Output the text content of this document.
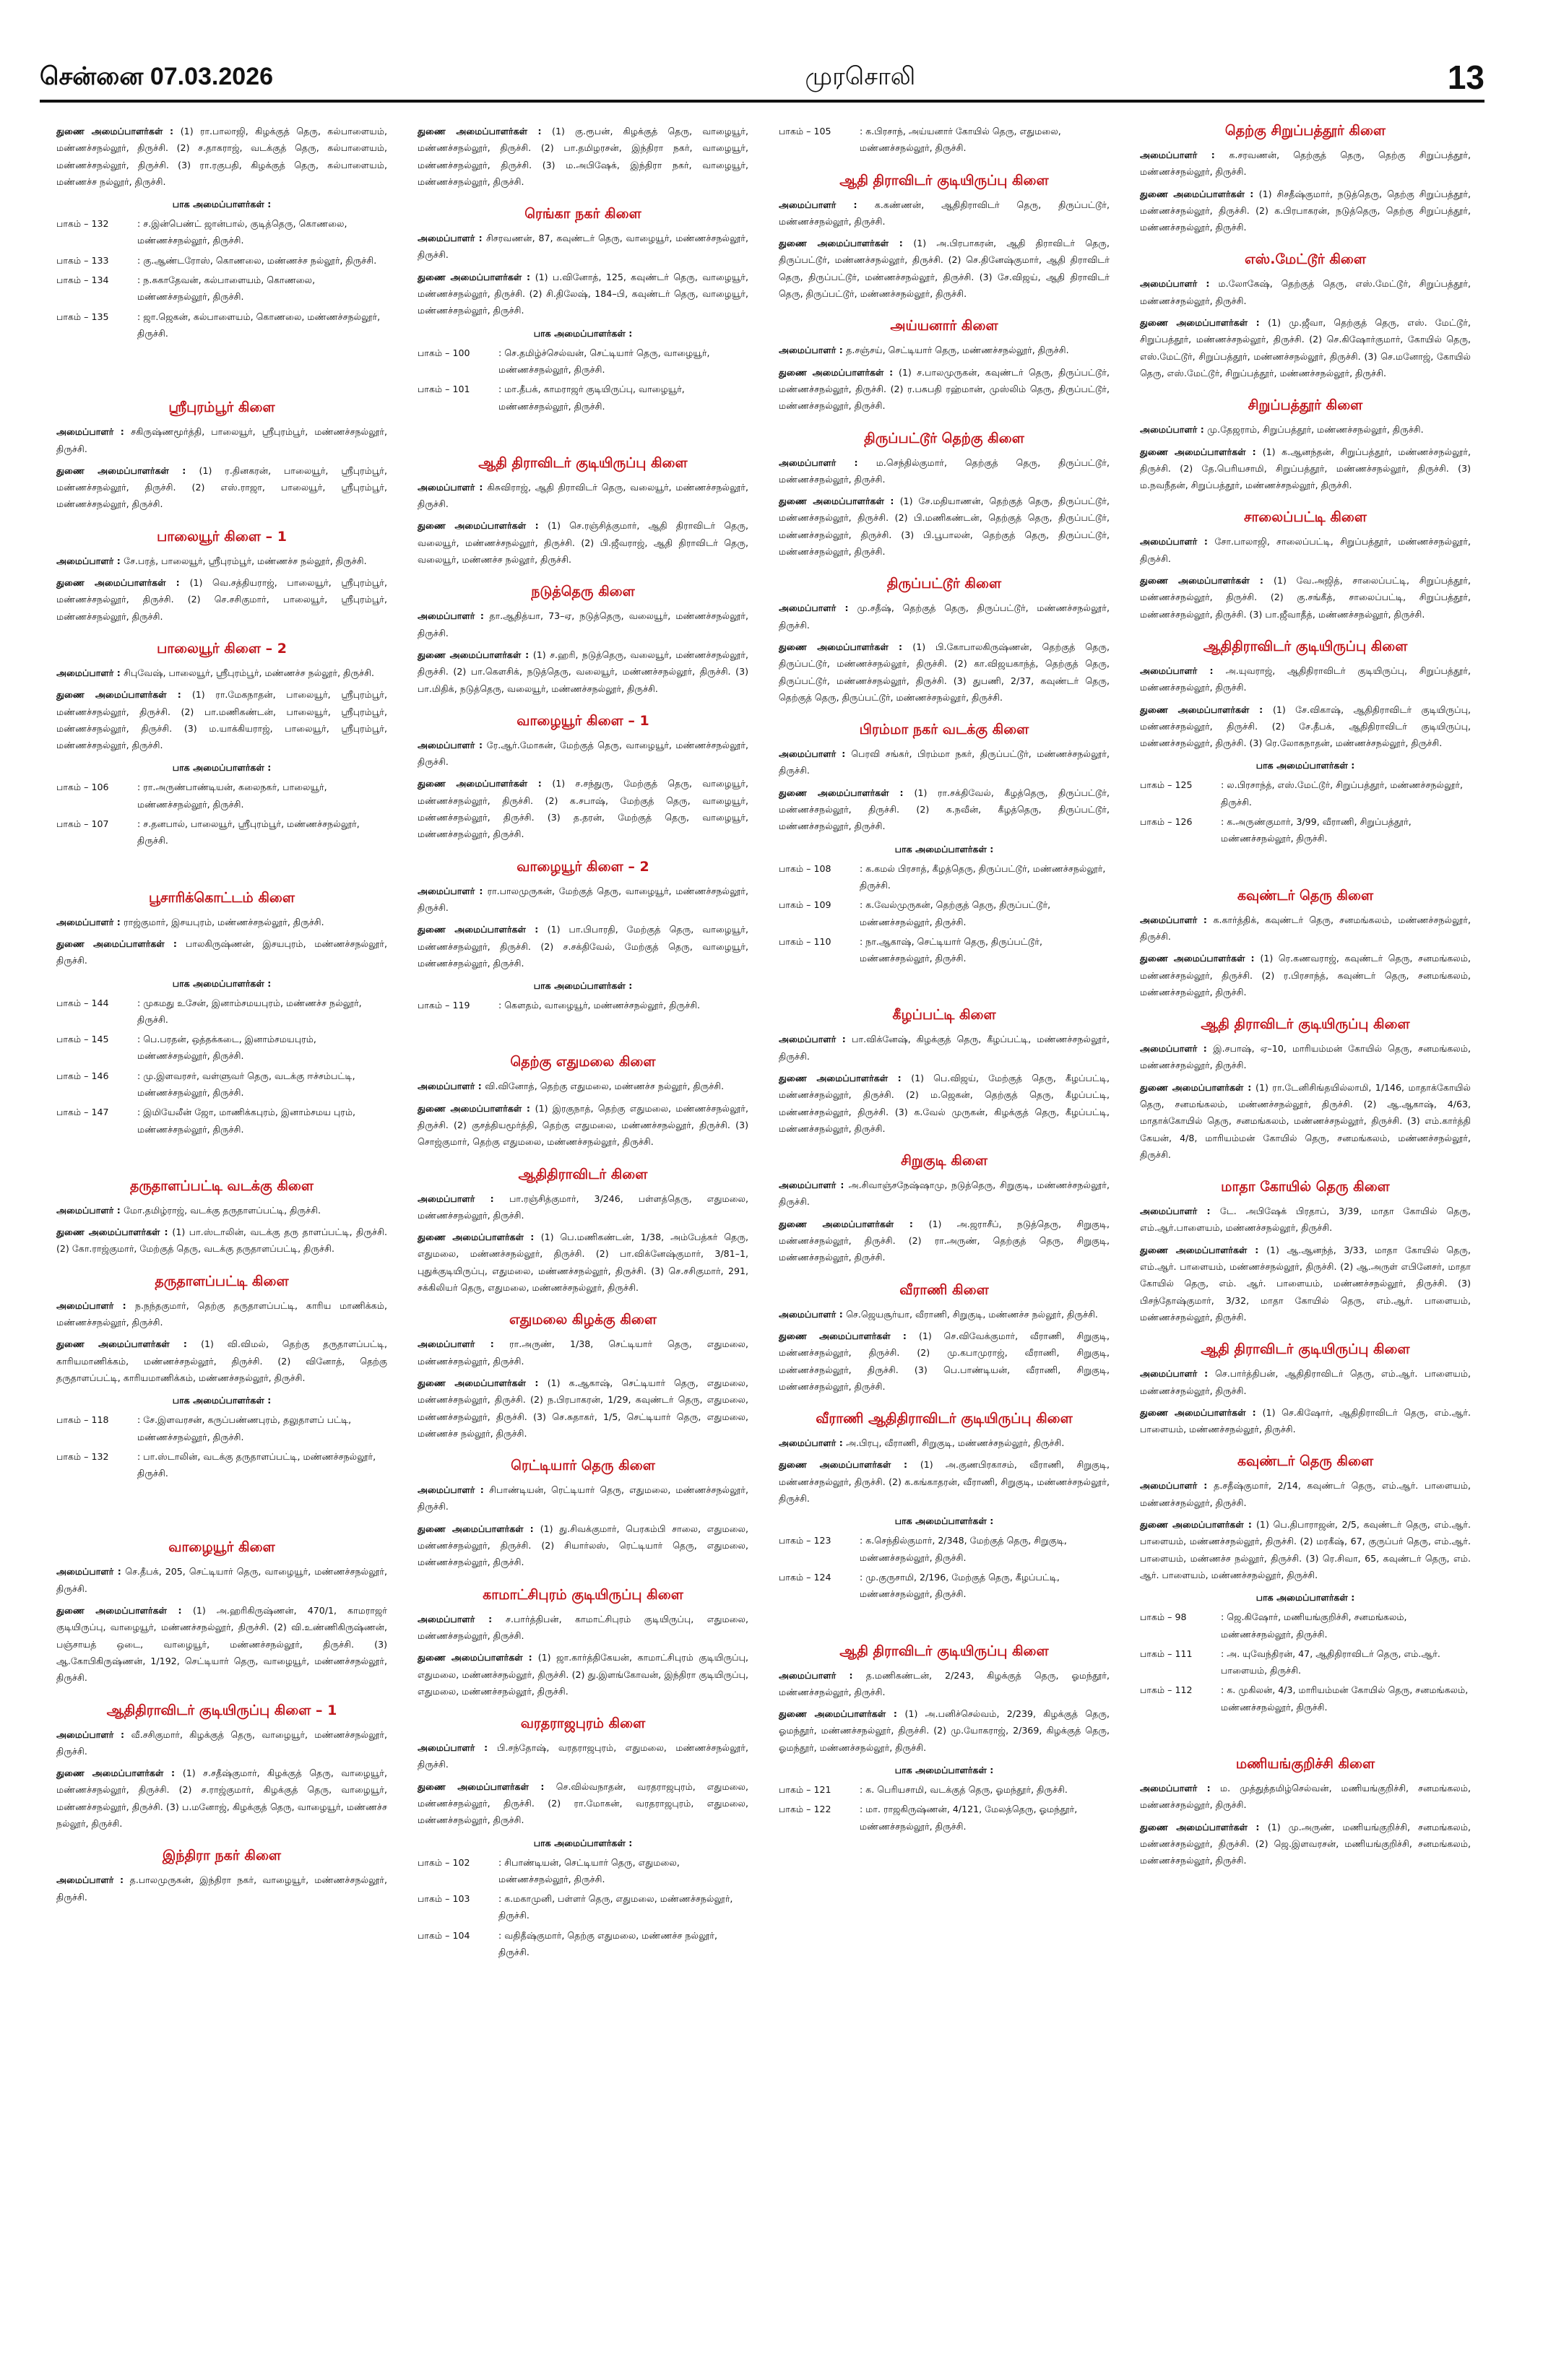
சென்னை 07.03.2026	முரசொலி	13

துணை அமைப்பாளர்கள் : (1) ரா.பாலாஜி, கிழக்குத் தெரு, கல்பாளையம், மண்ணச்சநல்லூர், திருச்சி. (2) ச.தாகராஜ், வடக்குத் தெரு, கல்பாளையம், மண்ணச்சநல்லூர், திருச்சி. (3) ரா.ரகுபதி, கிழக்குத் தெரு, கல்பாளையம், மண்ணச்ச நல்லூர், திருச்சி.

பாக அமைப்பாளர்கள் :
பாகம் – 132	: ச.இன்பெண்ட் ஜான்பால், குடித்தெரு, கொணலை, மண்ணச்சநல்லூர், திருச்சி.
பாகம் – 133	: கு.ஆண்டரோஸ், கொணலை, மண்ணச்ச நல்லூர், திருச்சி.
பாகம் – 134	: ந.சுகாதேவன், கல்பாளையம், கொணலை, மண்ணச்சநல்லூர், திருச்சி.
பாகம் – 135	: ஜா.ஜெகன், கல்பாளையம், கொணலை, மண்ணச்சநல்லூர், திருச்சி.
ஸ்ரீபுரம்பூர் கிளை

அமைப்பாளர் : சகிருஷ்ணமூர்த்தி, பாலையூர், ஸ்ரீபுரம்பூர், மண்ணச்சநல்லூர், திருச்சி.

துணை அமைப்பாளர்கள் : (1) ர.தினகரன், பாலையூர், ஸ்ரீபுரம்பூர், மண்ணச்சநல்லூர், திருச்சி. (2) எஸ்.ராஜா, பாலையூர், ஸ்ரீபுரம்பூர், மண்ணச்சநல்லூர், திருச்சி.

பாலையூர் கிளை – 1

அமைப்பாளர் : சே.பரத், பாலையூர், ஸ்ரீபுரம்பூர், மண்ணச்ச நல்லூர், திருச்சி.

துணை அமைப்பாளர்கள் : (1) வெ.சத்தியராஜ், பாலையூர், ஸ்ரீபுரம்பூர், மண்ணச்சநல்லூர், திருச்சி. (2) செ.சசிகுமார், பாலையூர், ஸ்ரீபுரம்பூர், மண்ணச்சநல்லூர், திருச்சி.

பாலையூர் கிளை – 2

அமைப்பாளர் : சிபுவேஷ், பாலையூர், ஸ்ரீபுரம்பூர், மண்ணச்ச நல்லூர், திருச்சி.

துணை அமைப்பாளர்கள் : (1) ரா.மேகநாதன், பாலையூர், ஸ்ரீபுரம்பூர், மண்ணச்சநல்லூர், திருச்சி. (2) பா.மணிகண்டன், பாலையூர், ஸ்ரீபுரம்பூர், மண்ணச்சநல்லூர், திருச்சி. (3) ம.யாக்கியராஜ், பாலையூர், ஸ்ரீபுரம்பூர், மண்ணச்சநல்லூர், திருச்சி.

பாக அமைப்பாளர்கள் :
பாகம் – 106	: ரா.அருண்பாண்டியன், கலைநகர், பாலையூர், மண்ணச்சநல்லூர், திருச்சி.
பாகம் – 107	: ச.தனபால், பாலையூர், ஸ்ரீபுரம்பூர், மண்ணச்சநல்லூர், திருச்சி.
பூசாரிக்கொட்டம் கிளை

அமைப்பாளர் : ராஜ்குமார், இசயபுரம், மண்ணச்சநல்லூர், திருச்சி.

துணை அமைப்பாளர்கள் : பாலகிருஷ்ணன், இசயபுரம், மண்ணச்சநல்லூர், திருச்சி.

பாக அமைப்பாளர்கள் :
பாகம் – 144	: முகமது உசேன், இனாம்சமயபுரம், மண்ணச்ச நல்லூர், திருச்சி.
பாகம் – 145	: பெ.பரதன், ஒத்தக்கடை, இனாம்சமயபுரம், மண்ணச்சநல்லூர், திருச்சி.
பாகம் – 146	: மு.இளவரசர், வள்ளுவர் தெரு, வடக்கு ஈச்சம்பட்டி, மண்ணச்சநல்லூர், திருச்சி.
பாகம் – 147	: இமியேலீன் ஜோ, மாணிக்கபுரம், இனாம்சமய புரம், மண்ணச்சநல்லூர், திருச்சி.
தருதாளப்பட்டி வடக்கு கிளை

அமைப்பாளர் : மோ.தமிழ்ராஜ், வடக்கு தருதாளப்பட்டி, திருச்சி.

துணை அமைப்பாளர்கள் : (1) பா.ஸ்டாலின், வடக்கு தரு தாளப்பட்டி, திருச்சி. (2) கோ.ராஜ்குமார், மேற்குத் தெரு, வடக்கு தருதாளப்பட்டி, திருச்சி.

தருதாளப்பட்டி கிளை

அமைப்பாளர் : ந.நந்தகுமார், தெற்கு தருதாளப்பட்டி, காரிய மாணிக்கம், மண்ணச்சநல்லூர், திருச்சி.

துணை அமைப்பாளர்கள் : (1) வி.விமல், தெற்கு தருதாளப்பட்டி, காரியமாணிக்கம், மண்ணச்சநல்லூர், திருச்சி. (2) வினோத், தெற்கு தருதாளப்பட்டி, காரியமாணிக்கம், மண்ணச்சநல்லூர், திருச்சி.

பாக அமைப்பாளர்கள் :
பாகம் – 118	: சே.இளவரசன், கருப்பண்ணபுரம், தலுதாளப் பட்டி, மண்ணச்சநல்லூர், திருச்சி.
பாகம் – 132	: பா.ஸ்டாலின், வடக்கு தருதாளப்பட்டி, மண்ணச்சநல்லூர், திருச்சி.
வாழையூர் கிளை

அமைப்பாளர் : செ.தீபக், 205, செட்டியார் தெரு, வாழையூர், மண்ணச்சநல்லூர், திருச்சி.

துணை அமைப்பாளர்கள் : (1) அ.ஹரிகிருஷ்ணன், 470/1, காமராஜர் குடியிருப்பு, வாழையூர், மண்ணச்சநல்லூர், திருச்சி. (2) வி.உண்ணிகிருஷ்ணன், பஞ்சாயத் ஒடை, வாழையூர், மண்ணச்சநல்லூர், திருச்சி. (3) ஆ.கோபிகிருஷ்ணன், 1/192, செட்டியார் தெரு, வாழையூர், மண்ணச்சநல்லூர், திருச்சி.

ஆதிதிராவிடர் குடியிருப்பு கிளை – 1

அமைப்பாளர் : வீ.சசிகுமார், கிழக்குத் தெரு, வாழையூர், மண்ணச்சநல்லூர், திருச்சி.

துணை அமைப்பாளர்கள் : (1) ச.சதீஷ்குமார், கிழக்குத் தெரு, வாழையூர், மண்ணச்சநல்லூர், திருச்சி. (2) ச.ராஜ்குமார், கிழக்குத் தெரு, வாழையூர், மண்ணச்சநல்லூர், திருச்சி. (3) ப.மனோஜ், கிழக்குத் தெரு, வாழையூர், மண்ணச்ச நல்லூர், திருச்சி.

இந்திரா நகர் கிளை

அமைப்பாளர் : த.பாலமுருகன், இந்திரா நகர், வாழையூர், மண்ணச்சநல்லூர், திருச்சி.

துணை அமைப்பாளர்கள் : (1) கு.ரூபன், கிழக்குத் தெரு, வாழையூர், மண்ணச்சநல்லூர், திருச்சி. (2) பா.தமிழரசன், இந்திரா நகர், வாழையூர், மண்ணச்சநல்லூர், திருச்சி. (3) ம.அபிஷேக், இந்திரா நகர், வாழையூர், மண்ணச்சநல்லூர், திருச்சி.

ரெங்கா நகர் கிளை

அமைப்பாளர் : சிசரவணன், 87, கவுண்டர் தெரு, வாழையூர், மண்ணச்சநல்லூர், திருச்சி.

துணை அமைப்பாளர்கள் : (1) ப.வினோத், 125, கவுண்டர் தெரு, வாழையூர், மண்ணச்சநல்லூர், திருச்சி. (2) சி.திலேஷ், 184–பி, கவுண்டர் தெரு, வாழையூர், மண்ணச்சநல்லூர், திருச்சி.

பாக அமைப்பாளர்கள் :
பாகம் – 100	: செ.தமிழ்ச்செல்வன், செட்டியார் தெரு, வாழையூர், மண்ணச்சநல்லூர், திருச்சி.
பாகம் – 101	: மா.தீபக், காமராஜர் குடியிருப்பு, வாழையூர், மண்ணச்சநல்லூர், திருச்சி.
ஆதி திராவிடர் குடியிருப்பு கிளை

அமைப்பாளர் : கிசுவிராஜ், ஆதி திராவிடர் தெரு, வலையூர், மண்ணச்சநல்லூர், திருச்சி.

துணை அமைப்பாளர்கள் : (1) செ.ரஞ்சித்குமார், ஆதி திராவிடர் தெரு, வலையூர், மண்ணச்சநல்லூர், திருச்சி. (2) பி.ஜீவராஜ், ஆதி திராவிடர் தெரு, வலையூர், மண்ணச்ச நல்லூர், திருச்சி.

நடுத்தெரு கிளை

அமைப்பாளர் : தா.ஆதித்யா, 73–ஏ, நடுத்தெரு, வலையூர், மண்ணச்சநல்லூர், திருச்சி.

துணை அமைப்பாளர்கள் : (1) ச.ஹரி, நடுத்தெரு, வலையூர், மண்ணச்சநல்லூர், திருச்சி. (2) பா.கௌசிக், நடுத்தெரு, வலையூர், மண்ணச்சநல்லூர், திருச்சி. (3) பா.மிதிக், நடுத்தெரு, வலையூர், மண்ணச்சநல்லூர், திருச்சி.

வாழையூர் கிளை – 1

அமைப்பாளர் : ரே.ஆர்.மோகன், மேற்குத் தெரு, வாழையூர், மண்ணச்சநல்லூர், திருச்சி.

துணை அமைப்பாளர்கள் : (1) ச.சந்துரு, மேற்குத் தெரு, வாழையூர், மண்ணச்சநல்லூர், திருச்சி. (2) க.சபாஷ், மேற்குத் தெரு, வாழையூர், மண்ணச்சநல்லூர், திருச்சி. (3) த.தரன், மேற்குத் தெரு, வாழையூர், மண்ணச்சநல்லூர், திருச்சி.

வாழையூர் கிளை – 2

அமைப்பாளர் : ரா.பாலமுருகன், மேற்குத் தெரு, வாழையூர், மண்ணச்சநல்லூர், திருச்சி.

துணை அமைப்பாளர்கள் : (1) பா.பிபாரதி, மேற்குத் தெரு, வாழையூர், மண்ணச்சநல்லூர், திருச்சி. (2) ச.சக்திவேல், மேற்குத் தெரு, வாழையூர், மண்ணச்சநல்லூர், திருச்சி.

பாக அமைப்பாளர்கள் :
பாகம் – 119	: கௌதம், வாழையூர், மண்ணச்சநல்லூர், திருச்சி.
தெற்கு எதுமலை கிளை

அமைப்பாளர் : வி.வினோத், தெற்கு எதுமலை, மண்ணச்ச நல்லூர், திருச்சி.

துணை அமைப்பாளர்கள் : (1) இரகுநாத், தெற்கு எதுமலை, மண்ணச்சநல்லூர், திருச்சி. (2) குசத்தியமூர்த்தி, தெற்கு எதுமலை, மண்ணச்சநல்லூர், திருச்சி. (3) சொஜ்குமார், தெற்கு எதுமலை, மண்ணச்சநல்லூர், திருச்சி.

ஆதிதிராவிடர் கிளை

அமைப்பாளர் : பா.ரஞ்சித்குமார், 3/246, பள்ளத்தெரு, எதுமலை, மண்ணச்சநல்லூர், திருச்சி.

துணை அமைப்பாளர்கள் : (1) பெ.மணிகண்டன், 1/38, அம்பேத்கர் தெரு, எதுமலை, மண்ணச்சநல்லூர், திருச்சி. (2) பா.விக்னேஷ்குமார், 3/81–1, புதுக்குடியிருப்பு, எதுமலை, மண்ணச்சநல்லூர், திருச்சி. (3) செ.சசிகுமார், 291, சக்கிலியர் தெரு, எதுமலை, மண்ணச்சநல்லூர், திருச்சி.

எதுமலை கிழக்கு கிளை

அமைப்பாளர் : ரா.அருண், 1/38, செட்டியார் தெரு, எதுமலை, மண்ணச்சநல்லூர், திருச்சி.

துணை அமைப்பாளர்கள் : (1) க.ஆகாஷ், செட்டியார் தெரு, எதுமலை, மண்ணச்சநல்லூர், திருச்சி. (2) ந.பிரபாகரன், 1/29, கவுண்டர் தெரு, எதுமலை, மண்ணச்சநல்லூர், திருச்சி. (3) செ.சுதாகர், 1/5, செட்டியார் தெரு, எதுமலை, மண்ணச்ச நல்லூர், திருச்சி.

ரெட்டியார் தெரு கிளை

அமைப்பாளர் : சிபாண்டியன், ரெட்டியார் தெரு, எதுமலை, மண்ணச்சநல்லூர், திருச்சி.

துணை அமைப்பாளர்கள் : (1) து.சிவக்குமார், பெரகம்பி சாலை, எதுமலை, மண்ணச்சநல்லூர், திருச்சி. (2) சியார்லஸ், ரெட்டியார் தெரு, எதுமலை, மண்ணச்சநல்லூர், திருச்சி.

காமாட்சிபுரம் குடியிருப்பு கிளை

அமைப்பாளர் : ச.பார்த்திபன், காமாட்சிபுரம் குடியிருப்பு, எதுமலை, மண்ணச்சநல்லூர், திருச்சி.

துணை அமைப்பாளர்கள் : (1) ஜா.கார்த்திகேயன், காமாட்சிபுரம் குடியிருப்பு, எதுமலை, மண்ணச்சநல்லூர், திருச்சி. (2) து.இளங்கோவன், இந்திரா குடியிருப்பு, எதுமலை, மண்ணச்சநல்லூர், திருச்சி.

வரதராஜபுரம் கிளை

அமைப்பாளர் : பி.சந்தோஷ், வரதராஜபுரம், எதுமலை, மண்ணச்சநல்லூர், திருச்சி.

துணை அமைப்பாளர்கள் : செ.வில்வநாதன், வரதராஜபுரம், எதுமலை, மண்ணச்சநல்லூர், திருச்சி. (2) ரா.மோகன், வரதராஜபுரம், எதுமலை, மண்ணச்சநல்லூர், திருச்சி.

பாக அமைப்பாளர்கள் :
பாகம் – 102	: சிபாண்டியன், செட்டியார் தெரு, எதுமலை, மண்ணச்சநல்லூர், திருச்சி.
பாகம் – 103	: க.மகாமுனி, பள்ளர் தெரு, எதுமலை, மண்ணச்சநல்லூர், திருச்சி.
பாகம் – 104	: வதிதீஷ்குமார், தெற்கு எதுமலை, மண்ணச்ச நல்லூர், திருச்சி.
பாகம் – 105	: க.பிரசாந், அய்யனார் கோயில் தெரு, எதுமலை, மண்ணச்சநல்லூர், திருச்சி.
ஆதி திராவிடர் குடியிருப்பு கிளை

அமைப்பாளர் : க.கண்ணன், ஆதிதிராவிடர் தெரு, திருப்பட்டூர், மண்ணச்சநல்லூர், திருச்சி.

துணை அமைப்பாளர்கள் : (1) அ.பிரபாகரன், ஆதி திராவிடர் தெரு, திருப்பட்டூர், மண்ணச்சநல்லூர், திருச்சி. (2) செ.தினேஷ்குமார், ஆதி திராவிடர் தெரு, திருப்பட்டூர், மண்ணச்சநல்லூர், திருச்சி. (3) சே.விஜய், ஆதி திராவிடர் தெரு, திருப்பட்டூர், மண்ணச்சநல்லூர், திருச்சி.

அய்யனார் கிளை

அமைப்பாளர் : த.சஞ்சய், செட்டியார் தெரு, மண்ணச்சநல்லூர், திருச்சி.

துணை அமைப்பாளர்கள் : (1) ச.பாலமுருகன், கவுண்டர் தெரு, திருப்பட்டூர், மண்ணச்சநல்லூர், திருச்சி. (2) ர.பசுபதி ரஹ்மான், முஸ்லிம் தெரு, திருப்பட்டூர், மண்ணச்சநல்லூர், திருச்சி.

திருப்பட்டூர் தெற்கு கிளை

அமைப்பாளர் : ம.செந்தில்குமார், தெற்குத் தெரு, திருப்பட்டூர், மண்ணச்சநல்லூர், திருச்சி.

துணை அமைப்பாளர்கள் : (1) சே.மதியாணன், தெற்குத் தெரு, திருப்பட்டூர், மண்ணச்சநல்லூர், திருச்சி. (2) பி.மணிகண்டன், தெற்குத் தெரு, திருப்பட்டூர், மண்ணச்சநல்லூர், திருச்சி. (3) பி.பூபாலன், தெற்குத் தெரு, திருப்பட்டூர், மண்ணச்சநல்லூர், திருச்சி.

திருப்பட்டூர் கிளை

அமைப்பாளர் : மு.சதீஷ், தெற்குத் தெரு, திருப்பட்டூர், மண்ணச்சநல்லூர், திருச்சி.

துணை அமைப்பாளர்கள் : (1) பி.கோபாலகிருஷ்ணன், தெற்குத் தெரு, திருப்பட்டூர், மண்ணச்சநல்லூர், திருச்சி. (2) கா.விஜயகாந்த், தெற்குத் தெரு, திருப்பட்டூர், மண்ணச்சநல்லூர், திருச்சி. (3) துபணி, 2/37, கவுண்டர் தெரு, தெற்குத் தெரு, திருப்பட்டூர், மண்ணச்சநல்லூர், திருச்சி.

பிரம்மா நகர் வடக்கு கிளை

அமைப்பாளர் : பெரவி சங்கர், பிரம்மா நகர், திருப்பட்டூர், மண்ணச்சநல்லூர், திருச்சி.

துணை அமைப்பாளர்கள் : (1) ரா.சக்திவேல், கீழத்தெரு, திருப்பட்டூர், மண்ணச்சநல்லூர், திருச்சி. (2) க.நவீன், கீழத்தெரு, திருப்பட்டூர், மண்ணச்சநல்லூர், திருச்சி.

பாக அமைப்பாளர்கள் :
பாகம் – 108	: க.கமல் பிரசாத், கீழத்தெரு, திருப்பட்டூர், மண்ணச்சநல்லூர், திருச்சி.
பாகம் – 109	: க.வேல்முருகன், தெற்குத் தெரு, திருப்பட்டூர், மண்ணச்சநல்லூர், திருச்சி.
பாகம் – 110	: நா.ஆகாஷ், செட்டியார் தெரு, திருப்பட்டூர், மண்ணச்சநல்லூர், திருச்சி.
கீழப்பட்டி கிளை

அமைப்பாளர் : பா.விக்னேஷ், கிழக்குத் தெரு, கீழப்பட்டி, மண்ணச்சநல்லூர், திருச்சி.

துணை அமைப்பாளர்கள் : (1) பெ.விஜய், மேற்குத் தெரு, கீழப்பட்டி, மண்ணச்சநல்லூர், திருச்சி. (2) ம.ஜெகன், தெற்குத் தெரு, கீழப்பட்டி, மண்ணச்சநல்லூர், திருச்சி. (3) க.வேல் முருகன், கிழக்குத் தெரு, கீழப்பட்டி, மண்ணச்சநல்லூர், திருச்சி.

சிறுகுடி கிளை

அமைப்பாளர் : அ.சிவாஞ்சநேஷ்ஷாமு, நடுத்தெரு, சிறுகுடி, மண்ணச்சநல்லூர், திருச்சி.

துணை அமைப்பாளர்கள் : (1) அ.ஜராசீப், நடுத்தெரு, சிறுகுடி, மண்ணச்சநல்லூர், திருச்சி. (2) ரா.அருண், தெற்குத் தெரு, சிறுகுடி, மண்ணச்சநல்லூர், திருச்சி.

வீராணி கிளை

அமைப்பாளர் : செ.ஜெயசூர்யா, வீராணி, சிறுகுடி, மண்ணச்ச நல்லூர், திருச்சி.

துணை அமைப்பாளர்கள் : (1) செ.விவேக்குமார், வீராணி, சிறுகுடி, மண்ணச்சநல்லூர், திருச்சி. (2) மு.கபாமுராஜ், வீராணி, சிறுகுடி, மண்ணச்சநல்லூர், திருச்சி. (3) பெ.பாண்டியன், வீராணி, சிறுகுடி, மண்ணச்சநல்லூர், திருச்சி.

வீராணி ஆதிதிராவிடர் குடியிருப்பு கிளை

அமைப்பாளர் : அ.பிரபு, வீராணி, சிறுகுடி, மண்ணச்சநல்லூர், திருச்சி.

துணை அமைப்பாளர்கள் : (1) அ.குணபிரகாசம், வீராணி, சிறுகுடி, மண்ணச்சநல்லூர், திருச்சி. (2) க.கங்காதரன், வீராணி, சிறுகுடி, மண்ணச்சநல்லூர், திருச்சி.

பாக அமைப்பாளர்கள் :
பாகம் – 123	: க.செந்தில்குமார், 2/348, மேற்குத் தெரு, சிறுகுடி, மண்ணச்சநல்லூர், திருச்சி.
பாகம் – 124	: மு.குருசாமி, 2/196, மேற்குத் தெரு, கீழப்பட்டி, மண்ணச்சநல்லூர், திருச்சி.
ஆதி திராவிடர் குடியிருப்பு கிளை

அமைப்பாளர் : த.மணிகண்டன், 2/243, கிழக்குத் தெரு, ஓமந்தூர், மண்ணச்சநல்லூர், திருச்சி.

துணை அமைப்பாளர்கள் : (1) அ.பனிச்செல்வம், 2/239, கிழக்குத் தெரு, ஓமந்தூர், மண்ணச்சநல்லூர், திருச்சி. (2) மு.யோகராஜ், 2/369, கிழக்குத் தெரு, ஓமந்தூர், மண்ணச்சநல்லூர், திருச்சி.

பாக அமைப்பாளர்கள் :
பாகம் – 121	: க. பெரியசாமி, வடக்குத் தெரு, ஓமந்தூர், திருச்சி.
பாகம் – 122	: மா. ராஜகிருஷ்ணன், 4/121, மேலத்தெரு, ஓமந்தூர், மண்ணச்சநல்லூர், திருச்சி.
தெற்கு சிறுப்பத்தூர் கிளை

அமைப்பாளர் : க.சரவணன், தெற்குத் தெரு, தெற்கு சிறுப்பத்தூர், மண்ணச்சநல்லூர், திருச்சி.

துணை அமைப்பாளர்கள் : (1) சிசதீஷ்குமார், நடுத்தெரு, தெற்கு சிறுப்பத்தூர், மண்ணச்சநல்லூர், திருச்சி. (2) க.பிரபாகரன், நடுத்தெரு, தெற்கு சிறுப்பத்தூர், மண்ணச்சநல்லூர், திருச்சி.

எஸ்.மேட்டூர் கிளை

அமைப்பாளர் : ம.லோகேஷ், தெற்குத் தெரு, எஸ்.மேட்டூர், சிறுப்பத்தூர், மண்ணச்சநல்லூர், திருச்சி.

துணை அமைப்பாளர்கள் : (1) மு.ஜீவா, தெற்குத் தெரு, எஸ். மேட்டூர், சிறுப்பத்தூர், மண்ணச்சநல்லூர், திருச்சி. (2) செ.கிஷோர்குமார், கோயில் தெரு, எஸ்.மேட்டூர், சிறுப்பத்தூர், மண்ணச்சநல்லூர், திருச்சி. (3) செ.மனோஜ், கோயில் தெரு, எஸ்.மேட்டூர், சிறுப்பத்தூர், மண்ணச்சநல்லூர், திருச்சி.

சிறுப்பத்தூர் கிளை

அமைப்பாளர் : மு.தேஜராம், சிறுப்பத்தூர், மண்ணச்சநல்லூர், திருச்சி.

துணை அமைப்பாளர்கள் : (1) க.ஆனந்தன், சிறுப்பத்தூர், மண்ணச்சநல்லூர், திருச்சி. (2) தே.பெரியசாமி, சிறுப்பத்தூர், மண்ணச்சநல்லூர், திருச்சி. (3) ம.நவநீதன், சிறுப்பத்தூர், மண்ணச்சநல்லூர், திருச்சி.

சாலைப்பட்டி கிளை

அமைப்பாளர் : சோ.பாலாஜி, சாலைப்பட்டி, சிறுப்பத்தூர், மண்ணச்சநல்லூர், திருச்சி.

துணை அமைப்பாளர்கள் : (1) வே.அஜித், சாலைப்பட்டி, சிறுப்பத்தூர், மண்ணச்சநல்லூர், திருச்சி. (2) கு.சங்கீத், சாலைப்பட்டி, சிறுப்பத்தூர், மண்ணச்சநல்லூர், திருச்சி. (3) பா.ஜீவாதீத், மண்ணச்சநல்லூர், திருச்சி.

ஆதிதிராவிடர் குடியிருப்பு கிளை

அமைப்பாளர் : அ.யுவராஜ், ஆதிதிராவிடர் குடியிருப்பு, சிறுப்பத்தூர், மண்ணச்சநல்லூர், திருச்சி.

துணை அமைப்பாளர்கள் : (1) சே.விகாஷ், ஆதிதிராவிடர் குடியிருப்பு, மண்ணச்சநல்லூர், திருச்சி. (2) சே.தீபக், ஆதிதிராவிடர் குடியிருப்பு, மண்ணச்சநல்லூர், திருச்சி. (3) ரெ.லோகநாதன், மண்ணச்சநல்லூர், திருச்சி.

பாக அமைப்பாளர்கள் :
பாகம் – 125	: ல.பிரசாந்த், எஸ்.மேட்டூர், சிறுப்பத்தூர், மண்ணச்சநல்லூர், திருச்சி.
பாகம் – 126	: க.அருண்குமார், 3/99, வீராணி, சிறுப்பத்தூர், மண்ணச்சநல்லூர், திருச்சி.
கவுண்டர் தெரு கிளை

அமைப்பாளர் : க.கார்த்திக், கவுண்டர் தெரு, சனமங்கலம், மண்ணச்சநல்லூர், திருச்சி.

துணை அமைப்பாளர்கள் : (1) ரெ.கணவராஜ், கவுண்டர் தெரு, சனமங்கலம், மண்ணச்சநல்லூர், திருச்சி. (2) ர.பிரசாந்த், கவுண்டர் தெரு, சனமங்கலம், மண்ணச்சநல்லூர், திருச்சி.

ஆதி திராவிடர் குடியிருப்பு கிளை

அமைப்பாளர் : இ.சபாஷ், ஏ–10, மாரியம்மன் கோயில் தெரு, சனமங்கலம், மண்ணச்சநல்லூர், திருச்சி.

துணை அமைப்பாளர்கள் : (1) ரா.டேனிசிங்தயில்லாமி, 1/146, மாதாக்கோயில் தெரு, சனமங்கலம், மண்ணச்சநல்லூர், திருச்சி. (2) ஆ.ஆகாஷ், 4/63, மாதாக்கோயில் தெரு, சனமங்கலம், மண்ணச்சநல்லூர், திருச்சி. (3) எம்.கார்த்தி கேயன், 4/8, மாரியம்மன் கோயில் தெரு, சனமங்கலம், மண்ணச்சநல்லூர், திருச்சி.

மாதா கோயில் தெரு கிளை

அமைப்பாளர் : டே. அபிஷேக் பிரதாப், 3/39, மாதா கோயில் தெரு, எம்.ஆர்.பாளையம், மண்ணச்சநல்லூர், திருச்சி.

துணை அமைப்பாளர்கள் : (1) ஆ.ஆனந்த், 3/33, மாதா கோயில் தெரு, எம்.ஆர். பாளையம், மண்ணச்சநல்லூர், திருச்சி. (2) ஆ.அருள் எபினேசர், மாதா கோயில் தெரு, எம். ஆர். பாளையம், மண்ணச்சநல்லூர், திருச்சி. (3) பிசந்தோஷ்குமார், 3/32, மாதா கோயில் தெரு, எம்.ஆர். பாளையம், மண்ணச்சநல்லூர், திருச்சி.

ஆதி திராவிடர் குடியிருப்பு கிளை

அமைப்பாளர் : செ.பார்த்திபன், ஆதிதிராவிடர் தெரு, எம்.ஆர். பாளையம், மண்ணச்சநல்லூர், திருச்சி.

துணை அமைப்பாளர்கள் : (1) செ.கிஷோர், ஆதிதிராவிடர் தெரு, எம்.ஆர். பாளையம், மண்ணச்சநல்லூர், திருச்சி.

கவுண்டர் தெரு கிளை

அமைப்பாளர் : த.சதீஷ்குமார், 2/14, கவுண்டர் தெரு, எம்.ஆர். பாளையம், மண்ணச்சநல்லூர், திருச்சி.

துணை அமைப்பாளர்கள் : (1) பெ.திபாராஜன், 2/5, கவுண்டர் தெரு, எம்.ஆர். பாளையம், மண்ணச்சநல்லூர், திருச்சி. (2) மரகீஷ், 67, குருப்பர் தெரு, எம்.ஆர். பாளையம், மண்ணச்ச நல்லூர், திருச்சி. (3) ரெ.சிவா, 65, கவுண்டர் தெரு, எம். ஆர். பாளையம், மண்ணச்சநல்லூர், திருச்சி.

பாக அமைப்பாளர்கள் :
பாகம் – 98	: ஜெ.கிஷோர், மணியங்குறிச்சி, சனமங்கலம், மண்ணச்சநல்லூர், திருச்சி.
பாகம் – 111	: அ. யுவேந்திரன், 47, ஆதிதிராவிடர் தெரு, எம்.ஆர். பாளையம், திருச்சி.
பாகம் – 112	: க. முகிலன், 4/3, மாரியம்மன் கோயில் தெரு, சனமங்கலம், மண்ணச்சநல்லூர், திருச்சி.
மணியங்குறிச்சி கிளை

அமைப்பாளர் : ம. முத்துத்தமிழ்செல்வன், மணியங்குறிச்சி, சனமங்கலம், மண்ணச்சநல்லூர், திருச்சி.

துணை அமைப்பாளர்கள் : (1) மு.அருண், மணியங்குறிச்சி, சனமங்கலம், மண்ணச்சநல்லூர், திருச்சி. (2) ஜெ.இளவரசன், மணியங்குறிச்சி, சனமங்கலம், மண்ணச்சநல்லூர், திருச்சி.
